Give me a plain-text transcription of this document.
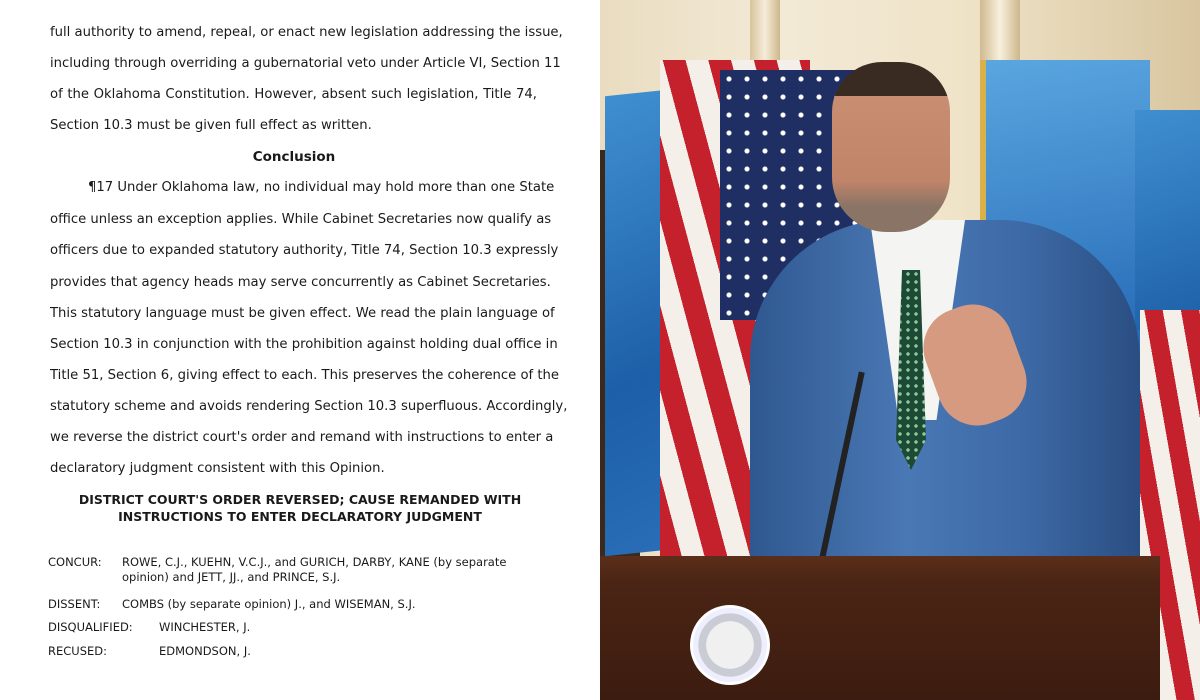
full authority to amend, repeal, or enact new legislation addressing the issue,
including through overriding a gubernatorial veto under Article VI, Section 11
of the Oklahoma Constitution. However, absent such legislation, Title 74,
Section 10.3 must be given full effect as written.
Conclusion
¶17 Under Oklahoma law, no individual may hold more than one State
office unless an exception applies. While Cabinet Secretaries now qualify as
officers due to expanded statutory authority, Title 74, Section 10.3 expressly
provides that agency heads may serve concurrently as Cabinet Secretaries.
This statutory language must be given effect. We read the plain language of
Section 10.3 in conjunction with the prohibition against holding dual office in
Title 51, Section 6, giving effect to each. This preserves the coherence of the
statutory scheme and avoids rendering Section 10.3 superfluous. Accordingly,
we reverse the district court's order and remand with instructions to enter a
declaratory judgment consistent with this Opinion.
DISTRICT COURT'S ORDER REVERSED; CAUSE REMANDED WITH
INSTRUCTIONS TO ENTER DECLARATORY JUDGMENT
CONCUR: ROWE, C.J., KUEHN, V.C.J., and GURICH, DARBY, KANE (by separate
opinion) and JETT, JJ., and PRINCE, S.J.
DISSENT: COMBS (by separate opinion) J., and WISEMAN, S.J.
DISQUALIFIED: WINCHESTER, J.
RECUSED:	EDMONDSON, J.
